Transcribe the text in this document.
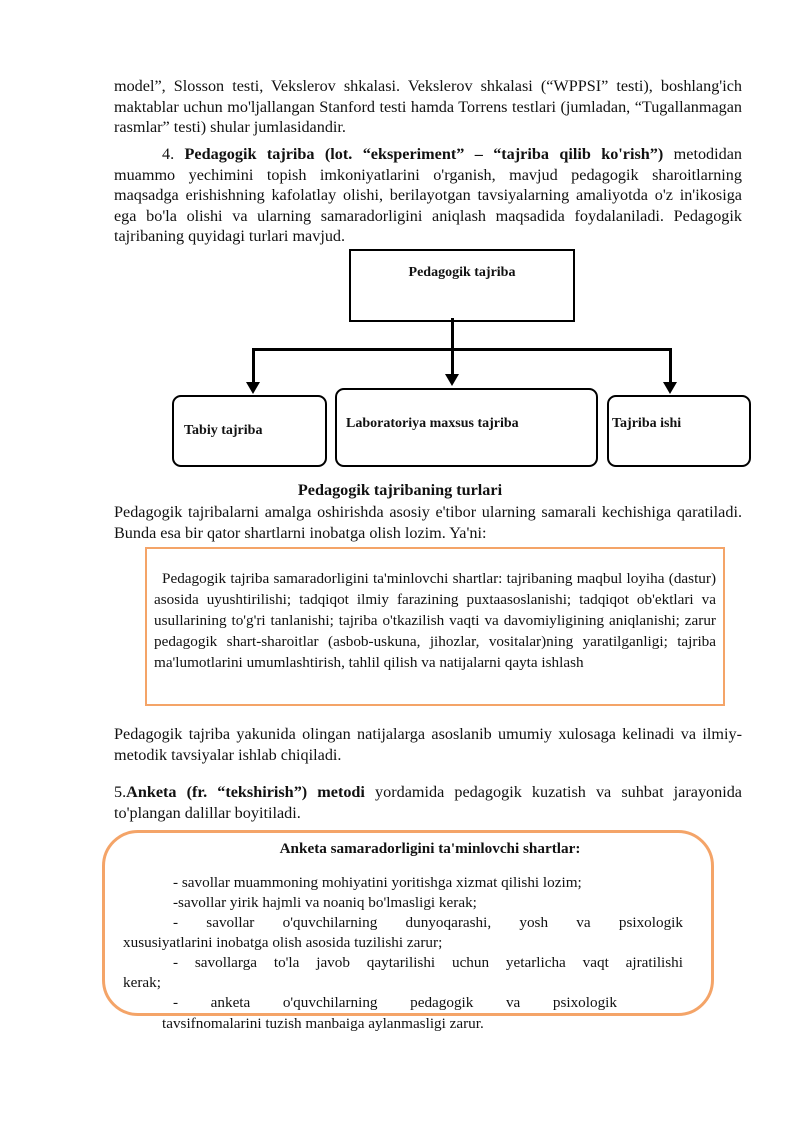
model”, Slosson testi, Vekslerov shkalasi. Vekslerov shkalasi (“WPPSI” testi), boshlang'ich maktablar uchun mo'ljallangan Stanford testi hamda Torrens testlari (jumladan, “Tugallanmagan rasmlar” testi) shular jumlasidandir.

4. Pedagogik tajriba (lot. “eksperiment” – “tajriba qilib ko'rish”) metodidan muammo yechimini topish imkoniyatlarini o'rganish, mavjud pedagogik sharoitlarning maqsadga erishishning kafolatlay olishi, berilayotgan tavsiyalarning amaliyotda o'z in'ikosiga ega bo'la olishi va ularning samaradorligini aniqlash maqsadida foydalaniladi. Pedagogik tajribaning quyidagi turlari mavjud.

Pedagogik tajriba
Tabiy tajriba	Laboratoriya maxsus tajriba	Tajriba ishi
Pedagogik tajribaning turlari

Pedagogik tajribalarni amalga oshirishda asosiy e'tibor ularning samarali kechishiga qaratiladi. Bunda esa bir qator shartlarni inobatga olish lozim. Ya'ni:

Pedagogik tajriba samaradorligini ta'minlovchi shartlar: tajribaning maqbul loyiha (dastur) asosida uyushtirilishi; tadqiqot ilmiy farazining puxtaasoslanishi; tadqiqot ob'ektlari va usullarining to'g'ri tanlanishi; tajriba o'tkazilish vaqti va davomiyligining aniqlanishi; zarur pedagogik shart-sharoitlar (asbob-uskuna, jihozlar, vositalar)ning yaratilganligi; tajriba ma'lumotlarini umumlashtirish, tahlil qilish va natijalarni qayta ishlash

Pedagogik tajriba yakunida olingan natijalarga asoslanib umumiy xulosaga kelinadi va ilmiy-metodik tavsiyalar ishlab chiqiladi.

5.Anketa (fr. “tekshirish”) metodi yordamida pedagogik kuzatish va suhbat jarayonida to'plangan dalillar boyitiladi.

Anketa samaradorligini ta'minlovchi shartlar:
- savollar muammoning mohiyatini yoritishga xizmat qilishi lozim;
-savollar yirik hajmli va noaniq bo'lmasligi kerak;
- savollar o'quvchilarning dunyoqarashi, yosh va psixologik
xususiyatlarini inobatga olish asosida tuzilishi zarur;
- savollarga to'la javob qaytarilishi uchun yetarlicha vaqt ajratilishi
kerak;
- anketa o'quvchilarning pedagogik va psixologik
tavsifnomalarini tuzish manbaiga aylanmasligi zarur.
